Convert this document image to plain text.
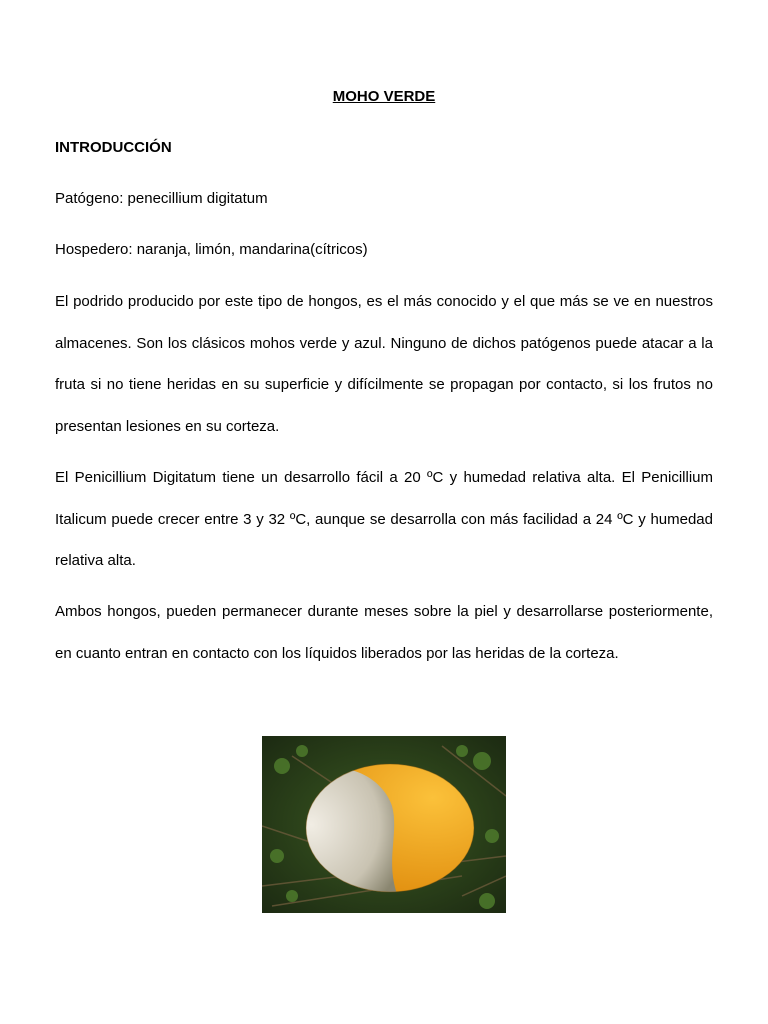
MOHO VERDE
INTRODUCCIÓN
Patógeno: penecillium digitatum
Hospedero: naranja, limón, mandarina(cítricos)

El podrido producido por este tipo de hongos, es el más conocido y el que más se ve en nuestros almacenes. Son los clásicos mohos verde y azul. Ninguno de dichos patógenos puede atacar a la fruta si no tiene heridas en su superficie y difícilmente se propagan por contacto, si los frutos no presentan lesiones en su corteza.

El Penicillium Digitatum tiene un desarrollo fácil a 20 ºC y humedad relativa alta. El Penicillium Italicum puede crecer entre 3 y 32 ºC, aunque se desarrolla con más facilidad a 24 ºC y humedad relativa alta.

Ambos hongos, pueden permanecer durante meses sobre la piel y desarrollarse posteriormente, en cuanto entran en contacto con los líquidos liberados por las heridas de la corteza.
